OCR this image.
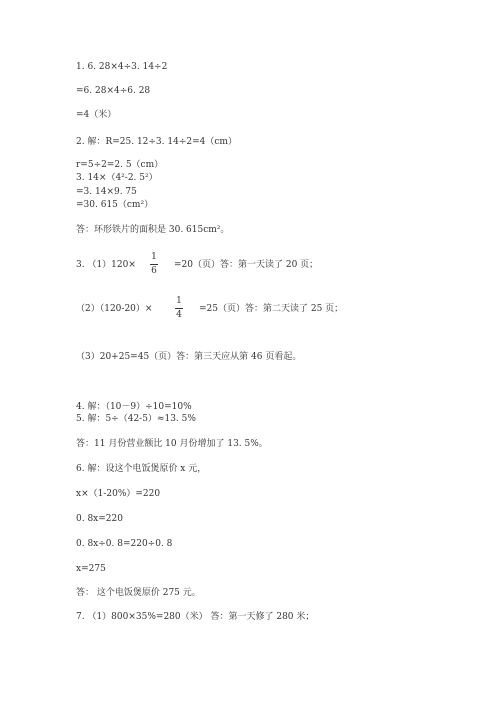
1. 6. 28×4÷3. 14÷2
=6. 28×4÷6. 28
=4（米）
2. 解：R=25. 12÷3. 14÷2=4（cm）
r=5÷2=2. 5（cm）
3. 14×（4²-2. 5²）
=3. 14×9. 75
=30. 615（cm²）
答：环形铁片的面积是 30. 615cm²。
3. （1）120×
1
6
=20（页）答：第一天读了 20 页；
（2）（120-20）×
1
4
=25（页）答：第二天读了 25 页；
（3）20+25=45（页）答：第三天应从第 46 页看起。
4. 解：（10－9）÷10=10%
5. 解：5÷（42-5）≈13. 5%
答：11 月份营业额比 10 月份增加了 13. 5%。
6. 解：设这个电饭煲原价 x 元，
x×（1-20%）=220
0. 8x=220
0. 8x÷0. 8=220÷0. 8
x=275
答： 这个电饭煲原价 275 元。
7. （1）800×35%=280（米） 答：第一天修了 280 米；
